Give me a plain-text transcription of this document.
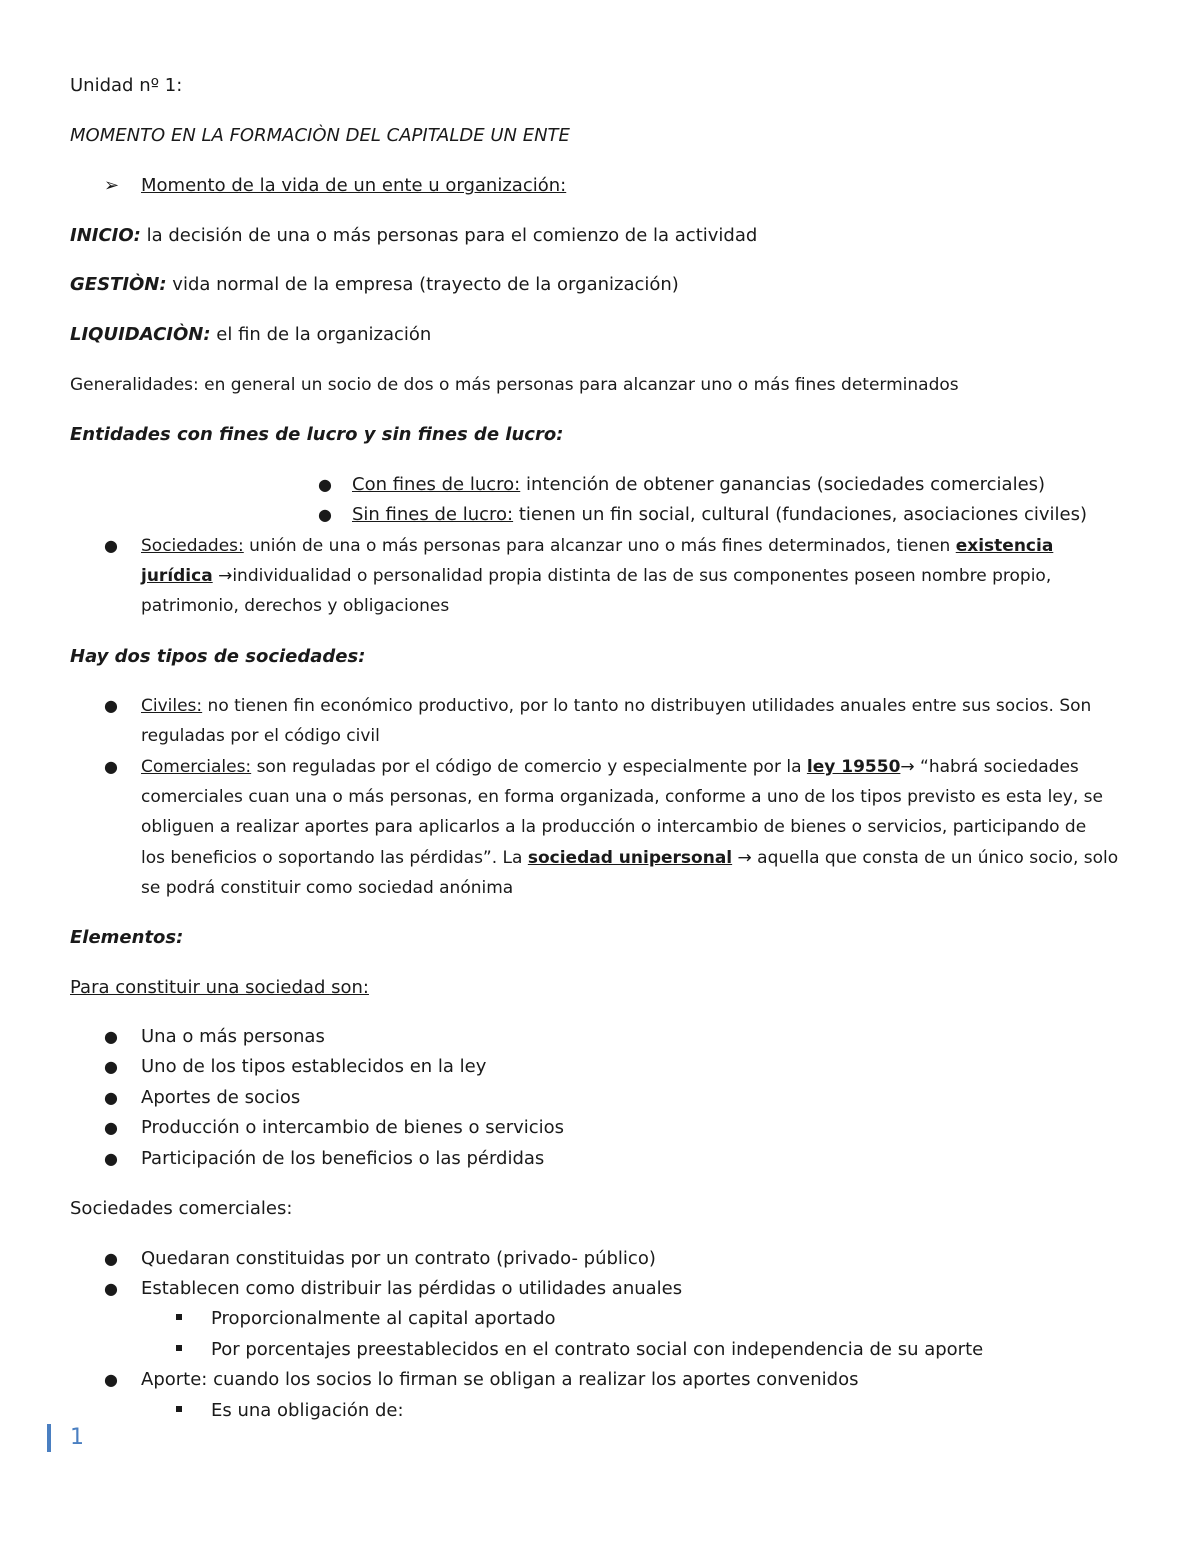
Unidad nº 1:
MOMENTO EN LA FORMACIÒN DEL CAPITALDE UN ENTE
➢ Momento de la vida de un ente u organización:
INICIO: la decisión de una o más personas para el comienzo de la actividad
GESTIÒN: vida normal de la empresa (trayecto de la organización)
LIQUIDACIÒN: el fin de la organización
Generalidades: en general un socio de dos o más personas para alcanzar uno o más fines determinados
Entidades con fines de lucro y sin fines de lucro:
● Con fines de lucro: intención de obtener ganancias (sociedades comerciales)
● Sin fines de lucro: tienen un fin social, cultural (fundaciones, asociaciones civiles)
● Sociedades: unión de una o más personas para alcanzar uno o más fines determinados, tienen existencia
jurídica →individualidad o personalidad propia distinta de las de sus componentes poseen nombre propio,
patrimonio, derechos y obligaciones
Hay dos tipos de sociedades:
● Civiles: no tienen fin económico productivo, por lo tanto no distribuyen utilidades anuales entre sus socios. Son
reguladas por el código civil
● Comerciales: son reguladas por el código de comercio y especialmente por la ley 19550→ “habrá sociedades
comerciales cuan una o más personas, en forma organizada, conforme a uno de los tipos previsto es esta ley, se
obliguen a realizar aportes para aplicarlos a la producción o intercambio de bienes o servicios, participando de
los beneficios o soportando las pérdidas”. La sociedad unipersonal → aquella que consta de un único socio, solo
se podrá constituir como sociedad anónima
Elementos:
Para constituir una sociedad son:
● Una o más personas
● Uno de los tipos establecidos en la ley
● Aportes de socios
● Producción o intercambio de bienes o servicios
● Participación de los beneficios o las pérdidas
Sociedades comerciales:
● Quedaran constituidas por un contrato (privado- público)
● Establecen como distribuir las pérdidas o utilidades anuales
Proporcionalmente al capital aportado
Por porcentajes preestablecidos en el contrato social con independencia de su aporte
● Aporte: cuando los socios lo firman se obligan a realizar los aportes convenidos
Es una obligación de:
1
